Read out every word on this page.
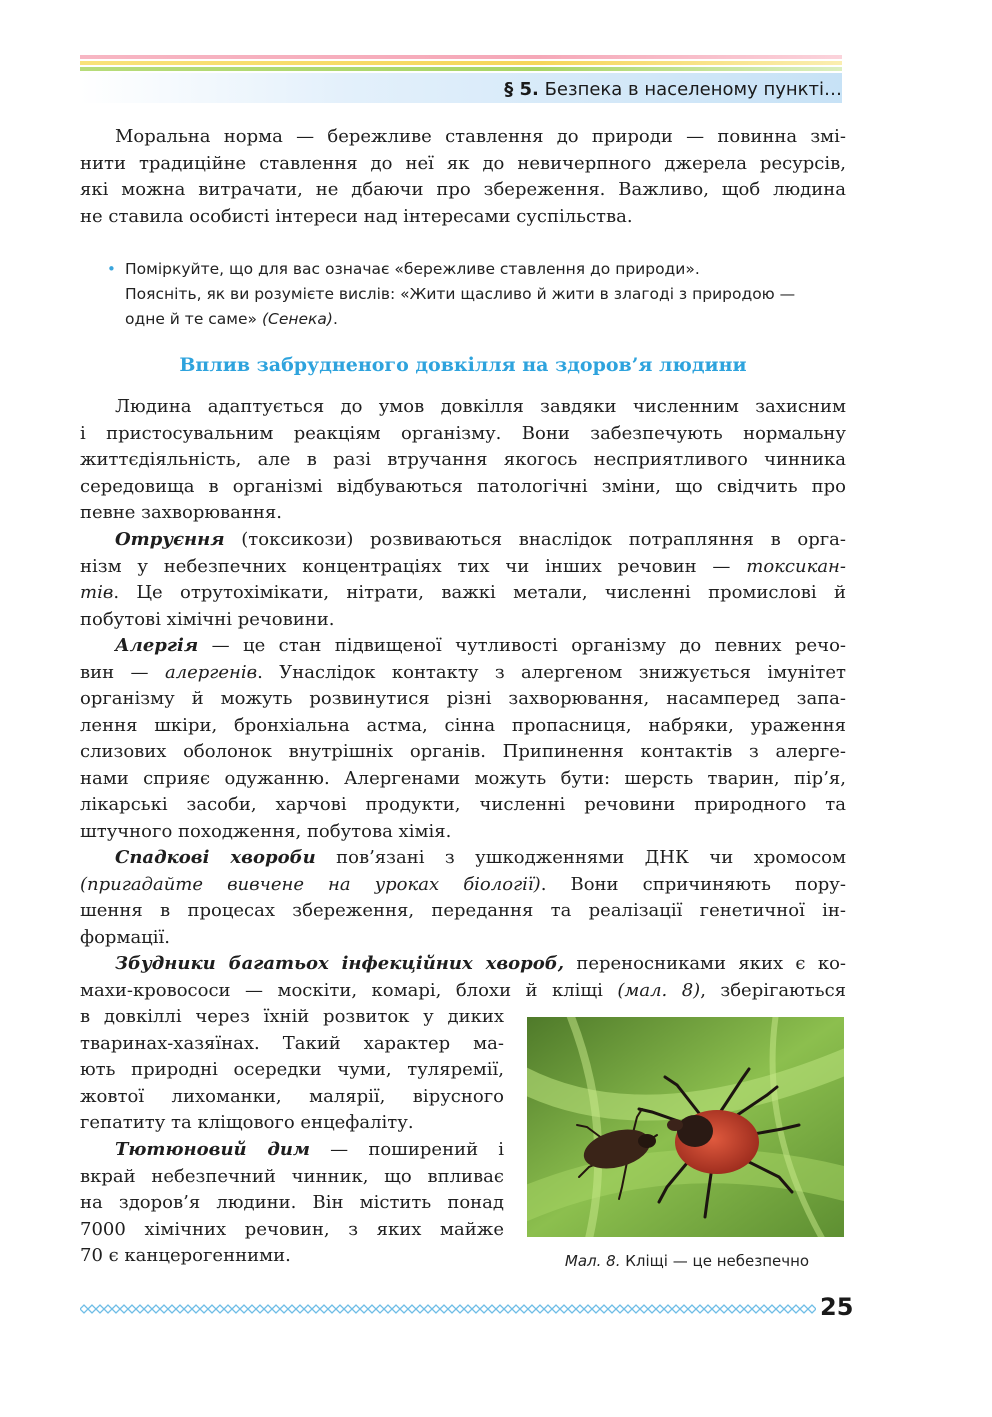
§ 5. Безпека в населеному пункті…
Моральна норма — бережливе ставлення до природи — повинна змі-
нити традиційне ставлення до неї як до невичерпного джерела ресурсів,
які можна витрачати, не дбаючи про збереження. Важливо, щоб людина
не ставила особисті інтереси над інтересами суспільства.
• Поміркуйте, що для вас означає «бережливе ставлення до природи».
Поясніть, як ви розумієте вислів: «Жити щасливо й жити в злагоді з природою —
одне й те саме» (Сенека).
Вплив забрудненого довкілля на здоров’я людини
Людина адаптується до умов довкілля завдяки численним захисним
і пристосувальним реакціям організму. Вони забезпечують нормальну
життєдіяльність, але в разі втручання якогось несприятливого чинника
середовища в організмі відбуваються патологічні зміни, що свідчить про
певне захворювання.
Отруєння (токсикози) розвиваються внаслідок потрапляння в орга-
нізм у небезпечних концентраціях тих чи інших речовин — токсикан-
тів. Це отрутохімікати, нітрати, важкі метали, численні промислові й
побутові хімічні речовини.
Алергія — це стан підвищеної чутливості організму до певних рeчо-
вин — алергенів. Унаслідок контакту з алергеном знижується імунітет
організму й можуть розвинутися різні захворювання, насамперед запа-
лення шкіри, бронхіальна астма, сінна пропасниця, набряки, ураження
слизових оболонок внутрішніх органів. Припинення контактів з алерге-
нами сприяє одужанню. Алергенами можуть бути: шерсть тварин, пір’я,
лікарські засоби, харчові продукти, численні речовини природного та
штучного походження, побутова хімія.
Спадкові хвороби пов’язані з ушкодженнями ДНК чи хромосом
(пригадайте вивчене на уроках біології). Вони спричиняють пору-
шення в процесах збереження, передання та реалізації генетичної ін-
формації.
Збудники багатьох інфекційних хвороб, переносниками яких є ко-
махи-кровососи — москіти, комарі, блохи й кліщі (мал. 8), зберігаються
в довкіллі через їхній розвиток у диких
тваринах-хазяїнах. Такий характер ма-
ють природні осередки чуми, туляремії,
жовтої лихоманки, малярії, вірусного
гепатиту та кліщового енцефаліту.
Тютюновий дим — поширений і
вкрай небезпечний чинник, що впливає
на здоров’я людини. Він містить понад
7000 хімічних речовин, з яких майже
70 є канцерогенними.	Мал. 8. Кліщі — це небезпечно
25
